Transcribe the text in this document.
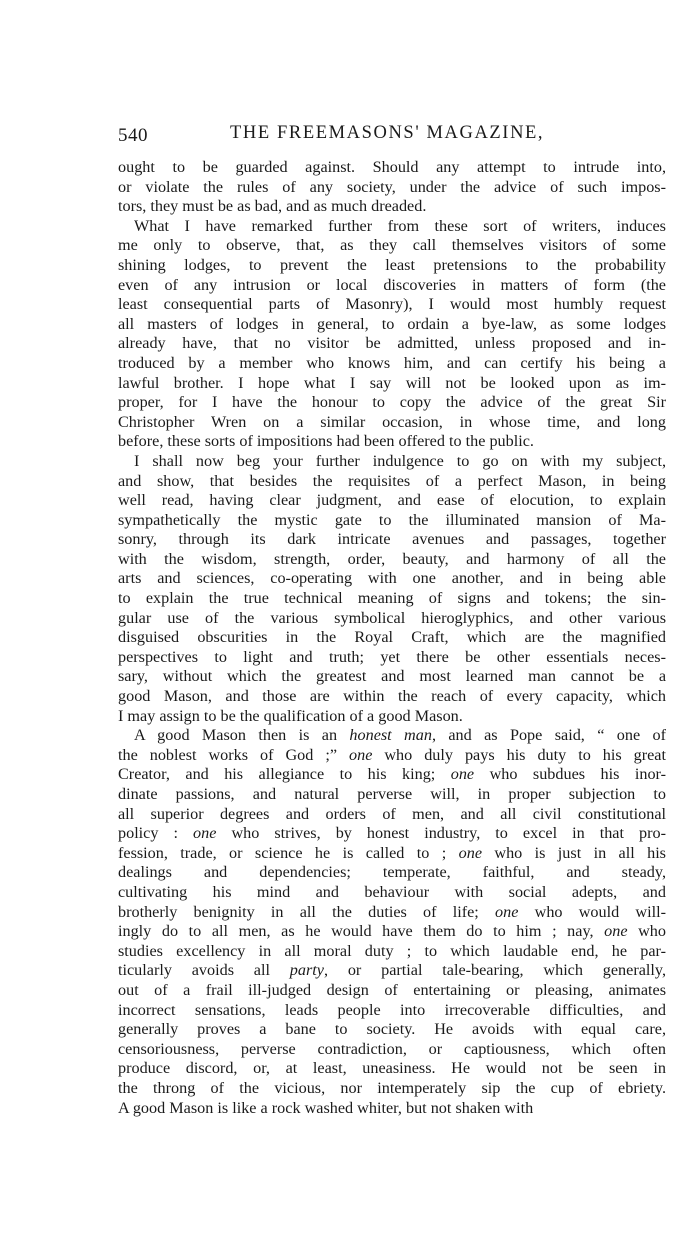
540	THE FREEMASONS' MAGAZINE,
ought to be guarded against. Should any attempt to intrude into,
or violate the rules of any society, under the advice of such impos-
tors, they must be as bad, and as much dreaded.
What I have remarked further from these sort of writers, induces
me only to observe, that, as they call themselves visitors of some
shining lodges, to prevent the least pretensions to the probability
even of any intrusion or local discoveries in matters of form (the
least consequential parts of Masonry), I would most humbly request
all masters of lodges in general, to ordain a bye-law, as some lodges
already have, that no visitor be admitted, unless proposed and in-
troduced by a member who knows him, and can certify his being a
lawful brother. I hope what I say will not be looked upon as im-
proper, for I have the honour to copy the advice of the great Sir
Christopher Wren on a similar occasion, in whose time, and long
before, these sorts of impositions had been offered to the public.
I shall now beg your further indulgence to go on with my subject,
and show, that besides the requisites of a perfect Mason, in being
well read, having clear judgment, and ease of elocution, to explain
sympathetically the mystic gate to the illuminated mansion of Ma-
sonry, through its dark intricate avenues and passages, together
with the wisdom, strength, order, beauty, and harmony of all the
arts and sciences, co-operating with one another, and in being able
to explain the true technical meaning of signs and tokens; the sin-
gular use of the various symbolical hieroglyphics, and other various
disguised obscurities in the Royal Craft, which are the magnified
perspectives to light and truth; yet there be other essentials neces-
sary, without which the greatest and most learned man cannot be a
good Mason, and those are within the reach of every capacity, which
I may assign to be the qualification of a good Mason.
A good Mason then is an honest man, and as Pope said, “ one of
the noblest works of God ;” one who duly pays his duty to his great
Creator, and his allegiance to his king; one who subdues his inor-
dinate passions, and natural perverse will, in proper subjection to
all superior degrees and orders of men, and all civil constitutional
policy : one who strives, by honest industry, to excel in that pro-
fession, trade, or science he is called to ; one who is just in all his
dealings and dependencies; temperate, faithful, and steady,
cultivating his mind and behaviour with social adepts, and
brotherly benignity in all the duties of life; one who would will-
ingly do to all men, as he would have them do to him ; nay, one who
studies excellency in all moral duty ; to which laudable end, he par-
ticularly avoids all party, or partial tale-bearing, which generally,
out of a frail ill-judged design of entertaining or pleasing, animates
incorrect sensations, leads people into irrecoverable difficulties, and
generally proves a bane to society. He avoids with equal care,
censoriousness, perverse contradiction, or captiousness, which often
produce discord, or, at least, uneasiness. He would not be seen in
the throng of the vicious, nor intemperately sip the cup of ebriety.
A good Mason is like a rock washed whiter, but not shaken with
